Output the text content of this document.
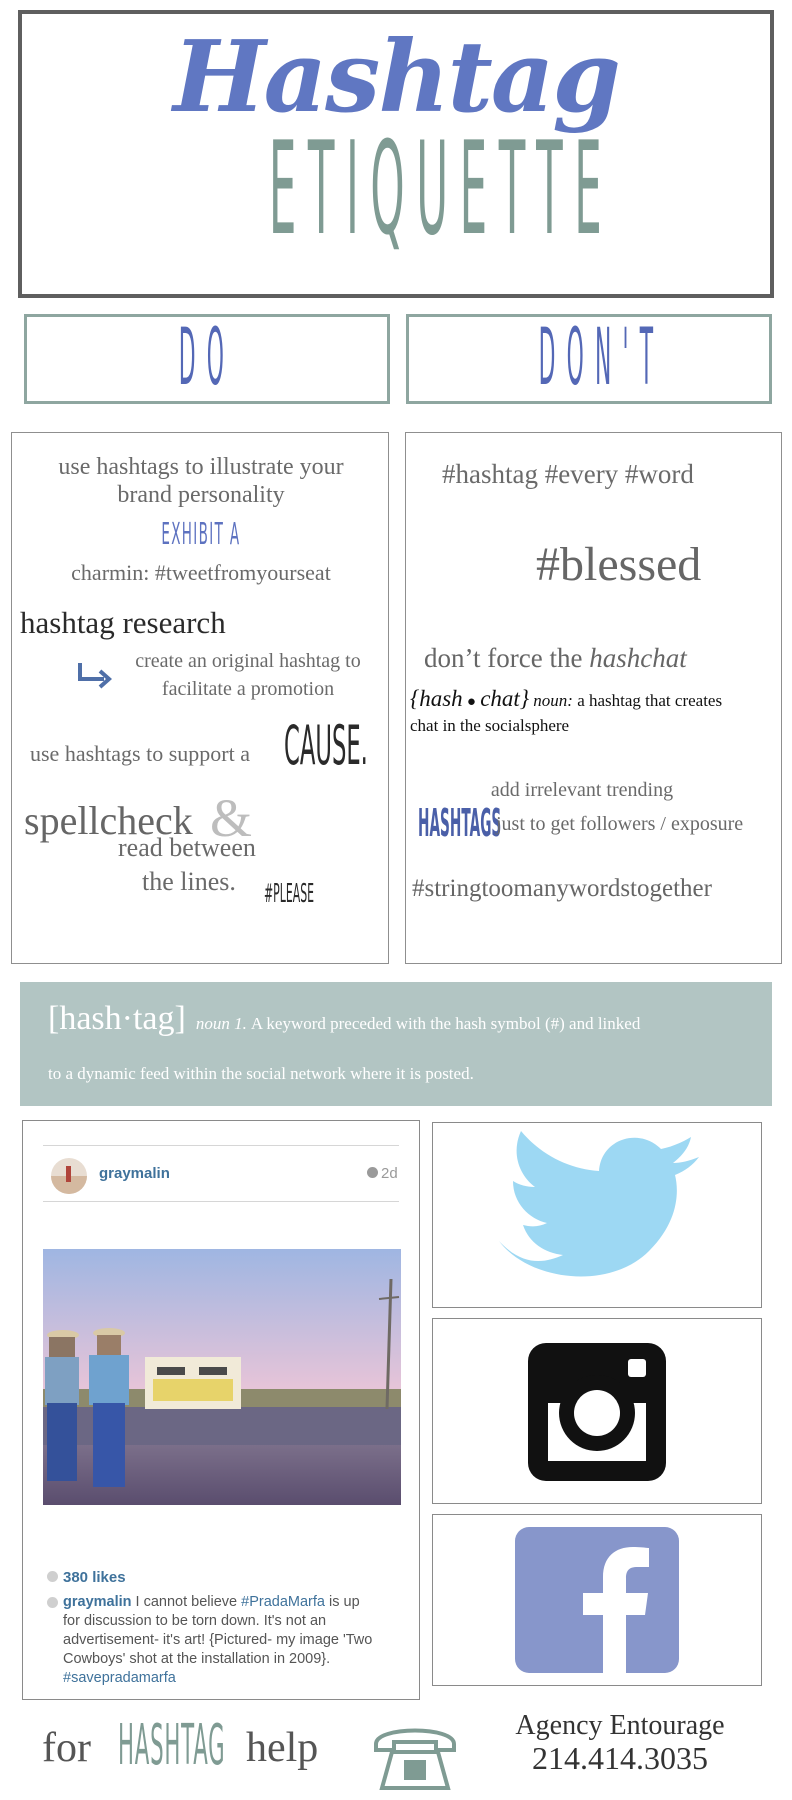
Hashtag
ETIQUETTE
DO	DON'T
use hashtags to illustrate your
brand personality
EXHIBIT A
charmin: #tweetfromyourseat
hashtag research
create an original hashtag to
facilitate a promotion
use hashtags to support a CAUSE.
spellcheck &
read between
the lines. #PLEASE
#hashtag #every #word
#blessed
don’t force the hashchat
{hash ● chat} noun: a hashtag that creates
chat in the socialsphere
HASHTAGS
add irrelevant trending
just to get followers / exposure
#stringtoomanywordstogether
[hash·tag] noun 1. A keyword preceded with the hash symbol (#) and linked
to a dynamic feed within the social network where it is posted.
graymalin	2d
380 likes
graymalin I cannot believe #PradaMarfa is up for discussion to be torn down. It's not an advertisement- it's art! {Pictured- my image 'Two Cowboys' shot at the installation in 2009}. #savepradamarfa
for HASHTAG help	Agency Entourage
214.414.3035
